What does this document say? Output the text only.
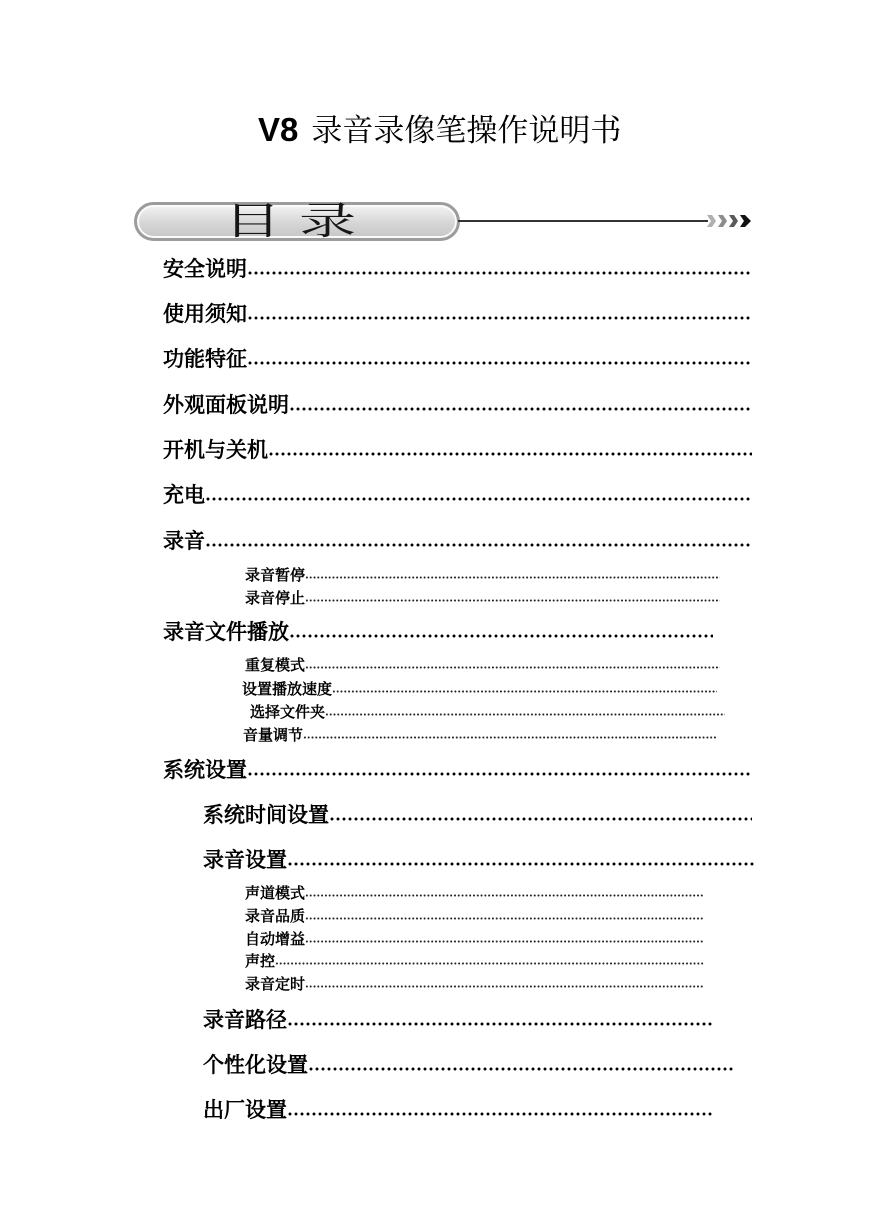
V8 录音录像笔操作说明书
目 录
安全说明
使用须知
功能特征
外观面板说明
开机与关机
充电
录音
录音暂停
录音停止
录音文件播放
重复模式
设置播放速度
选择文件夹
音量调节
系统设置
系统时间设置
录音设置
声道模式
录音品质
自动增益
声控
录音定时
录音路径
个性化设置
出厂设置
